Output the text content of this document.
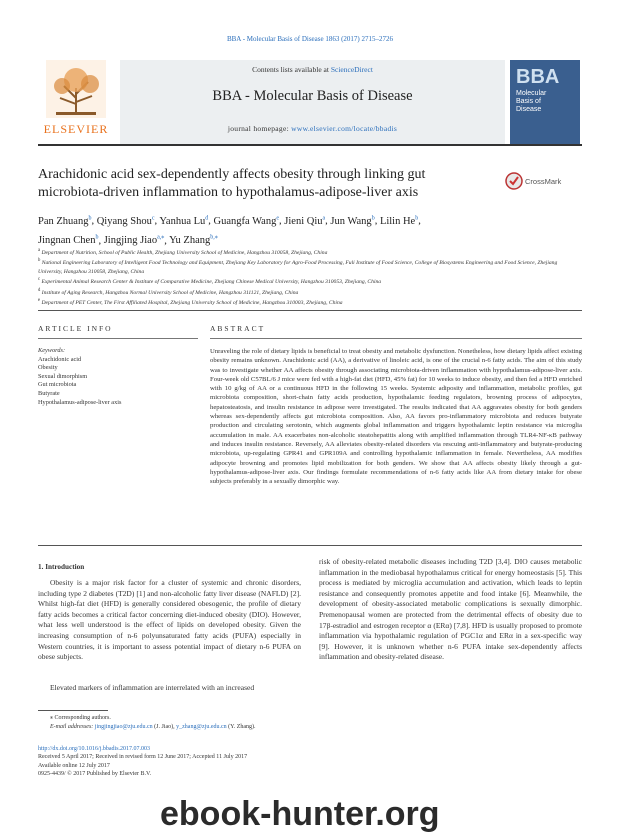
BBA - Molecular Basis of Disease 1863 (2017) 2715–2726
Contents lists available at ScienceDirect
BBA - Molecular Basis of Disease
journal homepage: www.elsevier.com/locate/bbadis
ELSEVIER
BBA
Molecular
Basis of
Disease
Arachidonic acid sex-dependently affects obesity through linking gut
microbiota-driven inflammation to hypothalamus-adipose-liver axis
CrossMark
Pan Zhuang$^b$, Qiyang Shou$^c$, Yanhua Lu$^d$, Guangfa Wang$^e$, Jieni Qiu$^a$, Jun Wang$^b$, Lilin He$^b$,
Jingnan Chen$^b$, Jingjing Jiao$^{a,⁎}$, Yu Zhang$^{b,⁎}$
$^a$ Department of Nutrition, School of Public Health, Zhejiang University School of Medicine, Hangzhou 310058, Zhejiang, China
$^b$ National Engineering Laboratory of Intelligent Food Technology and Equipment, Zhejiang Key Laboratory for Agro-Food Processing, Fuli Institute of Food Science, College of Biosystems Engineering and Food Science, Zhejiang University, Hangzhou 310058, Zhejiang, China
$^c$ Experimental Animal Research Center & Institute of Comparative Medicine, Zhejiang Chinese Medical University, Hangzhou 310053, Zhejiang, China
$^d$ Institute of Aging Research, Hangzhou Normal University School of Medicine, Hangzhou 311121, Zhejiang, China
$^e$ Department of PET Center, The First Affiliated Hospital, Zhejiang University School of Medicine, Hangzhou 310003, Zhejiang, China
ARTICLE INFO
Keywords:
Arachidonic acid
Obesity
Sexual dimorphism
Gut microbiota
Butyrate
Hypothalamus-adipose-liver axis
ABSTRACT
Unraveling the role of dietary lipids is beneficial to treat obesity and metabolic dysfunction. Nonetheless, how dietary lipids affect existing obesity remains unknown. Arachidonic acid (AA), a derivative of linoleic acid, is one of the crucial n-6 fatty acids. The aim of this study was to investigate whether AA affects obesity through associating microbiota-driven inflammation with hypothalamus-adipose-liver axis. Four-week old C57BL/6 J mice were fed with a high-fat diet (HFD, 45% fat) for 10 weeks to induce obesity, and then fed a HFD enriched with 10 g/kg of AA or a continuous HFD in the following 15 weeks. Systemic adiposity and inflammation, metabolic profiles, gut microbiota composition, short-chain fatty acids production, hypothalamic feeding regulators, browning process of adipocytes, hepatosteatosis, and insulin resistance in adipose were investigated. The results indicated that AA aggravates obesity for both genders whereas sex-dependently affects gut microbiota composition. Also, AA favors pro-inflammatory microbiota and reduces butyrate production and circulating serotonin, which augments global inflammation and triggers hypothalamic leptin resistance via microglia accumulation in male. AA exacerbates non-alcoholic steatohepatitis along with amplified inflammation through TLR4-NF-κB pathway and induces insulin resistance. Reversely, AA alleviates obesity-related disorders via rescuing anti-inflammatory and butyrate-producing microbiota, up-regulating GPR41 and GPR109A and controlling hypothalamic inflammation in female. Nevertheless, AA modifies adipocyte browning and promotes lipid mobilization for both genders. We show that AA affects obesity likely through a gut-hypothalamus-adipose-liver axis. Our findings formulate recommendations of n-6 fatty acids like AA from dietary intake for obese subjects preferably in a sexually dimorphic way.
1. Introduction
Obesity is a major risk factor for a cluster of systemic and chronic disorders, including type 2 diabetes (T2D) [1] and non-alcoholic fatty liver disease (NAFLD) [2]. Whilst high-fat diet (HFD) is generally considered obesogenic, the profile of dietary fatty acids becomes a critical factor concerning diet-induced obesity (DIO). However, what less well understood is the effect of lipids on developed obesity. Given the increasing consumption of n-6 polyunsaturated fatty acids (PUFA) especially in Western countries, it is important to assess potential impact of dietary n-6 PUFA on obese subjects.
Elevated markers of inflammation are interrelated with an increased
risk of obesity-related metabolic diseases including T2D [3,4]. DIO causes metabolic inflammation in the mediobasal hypothalamus critical for energy homeostasis [5]. This process is mediated by microglia accumulation and activation, which leads to leptin resistance and consequently promotes appetite and food intake [6]. Meanwhile, the development of obesity-associated metabolic complications is sexually dimorphic. Premenopausal women are protected from the detrimental effects of obesity due to 17β-estradiol and estrogen receptor α (ERα) [7,8]. HFD is usually proposed to promote inflammation via hypothalamic regulation of PGC1α and ERα in a sex-specific way [9]. However, it is unknown whether n-6 PUFA intake sex-dependently affects inflammation and obesity-related disease.
⁎ Corresponding authors.
E-mail addresses: jingjingjiao@zju.edu.cn (J. Jiao), y_zhang@zju.edu.cn (Y. Zhang).
http://dx.doi.org/10.1016/j.bbadis.2017.07.003
Received 5 April 2017; Received in revised form 12 June 2017; Accepted 11 July 2017
Available online 12 July 2017
0925-4439/ © 2017 Published by Elsevier B.V.
ebook-hunter.org
